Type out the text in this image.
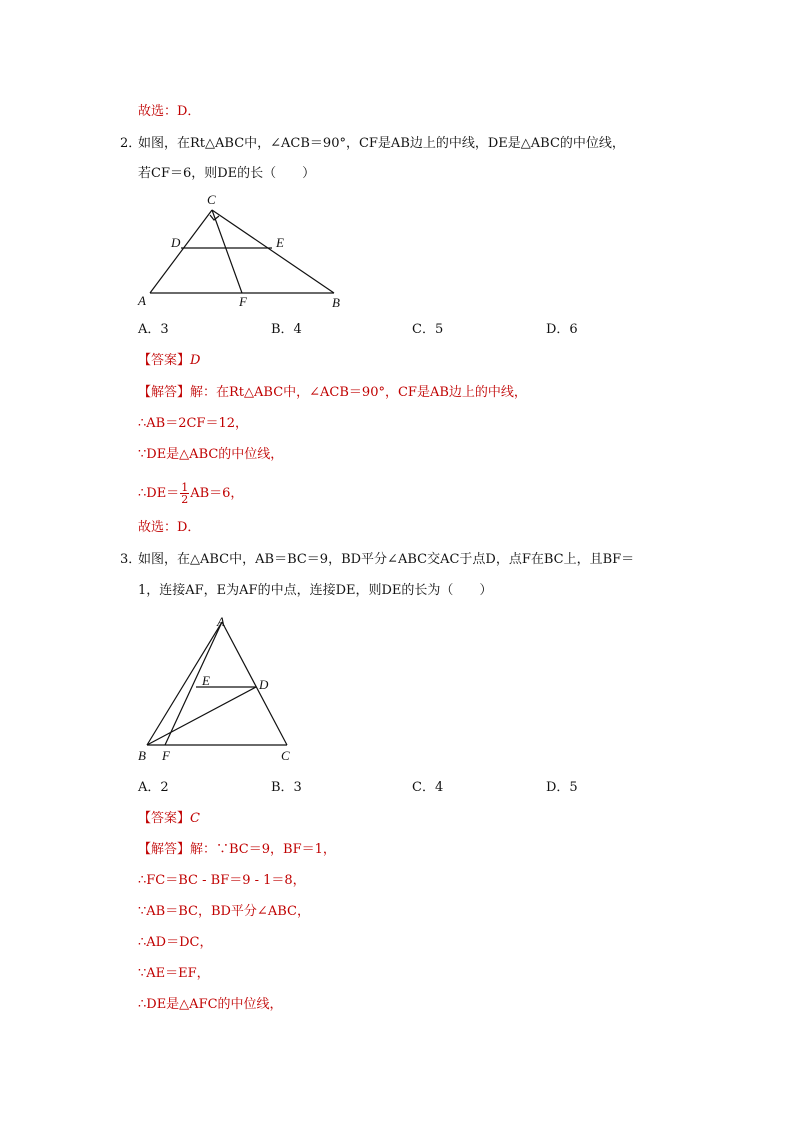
故选：D．
2．
如图，在Rt△ABC中，∠ACB＝90°，CF是AB边上的中线，DE是△ABC的中位线，
若CF＝6，则DE的长（　　）
C
D	E
A	F	B
A．3	B．4	C．5	D．6
【答案】D
【解答】解：在Rt△ABC中，∠ACB＝90°，CF是AB边上的中线，
∴AB＝2CF＝12，
∵DE是△ABC的中位线，
∴DE＝ $\frac{1}{2} AB=6$，
故选：D．
3．
如图，在△ABC中，AB＝BC＝9，BD平分∠ABC交AC于点D，点F在BC上，且BF＝
1，连接AF，E为AF的中点，连接DE，则DE的长为（　　）
A
E	D
B F	C
A．2	B．3	C．4	D．5
【答案】C
【解答】解：∵BC＝9，BF＝1，
∴FC＝BC - BF＝9 - 1＝8，
∵AB＝BC，BD平分∠ABC，
∴AD＝DC，
∵AE＝EF，
∴DE是△AFC的中位线，
